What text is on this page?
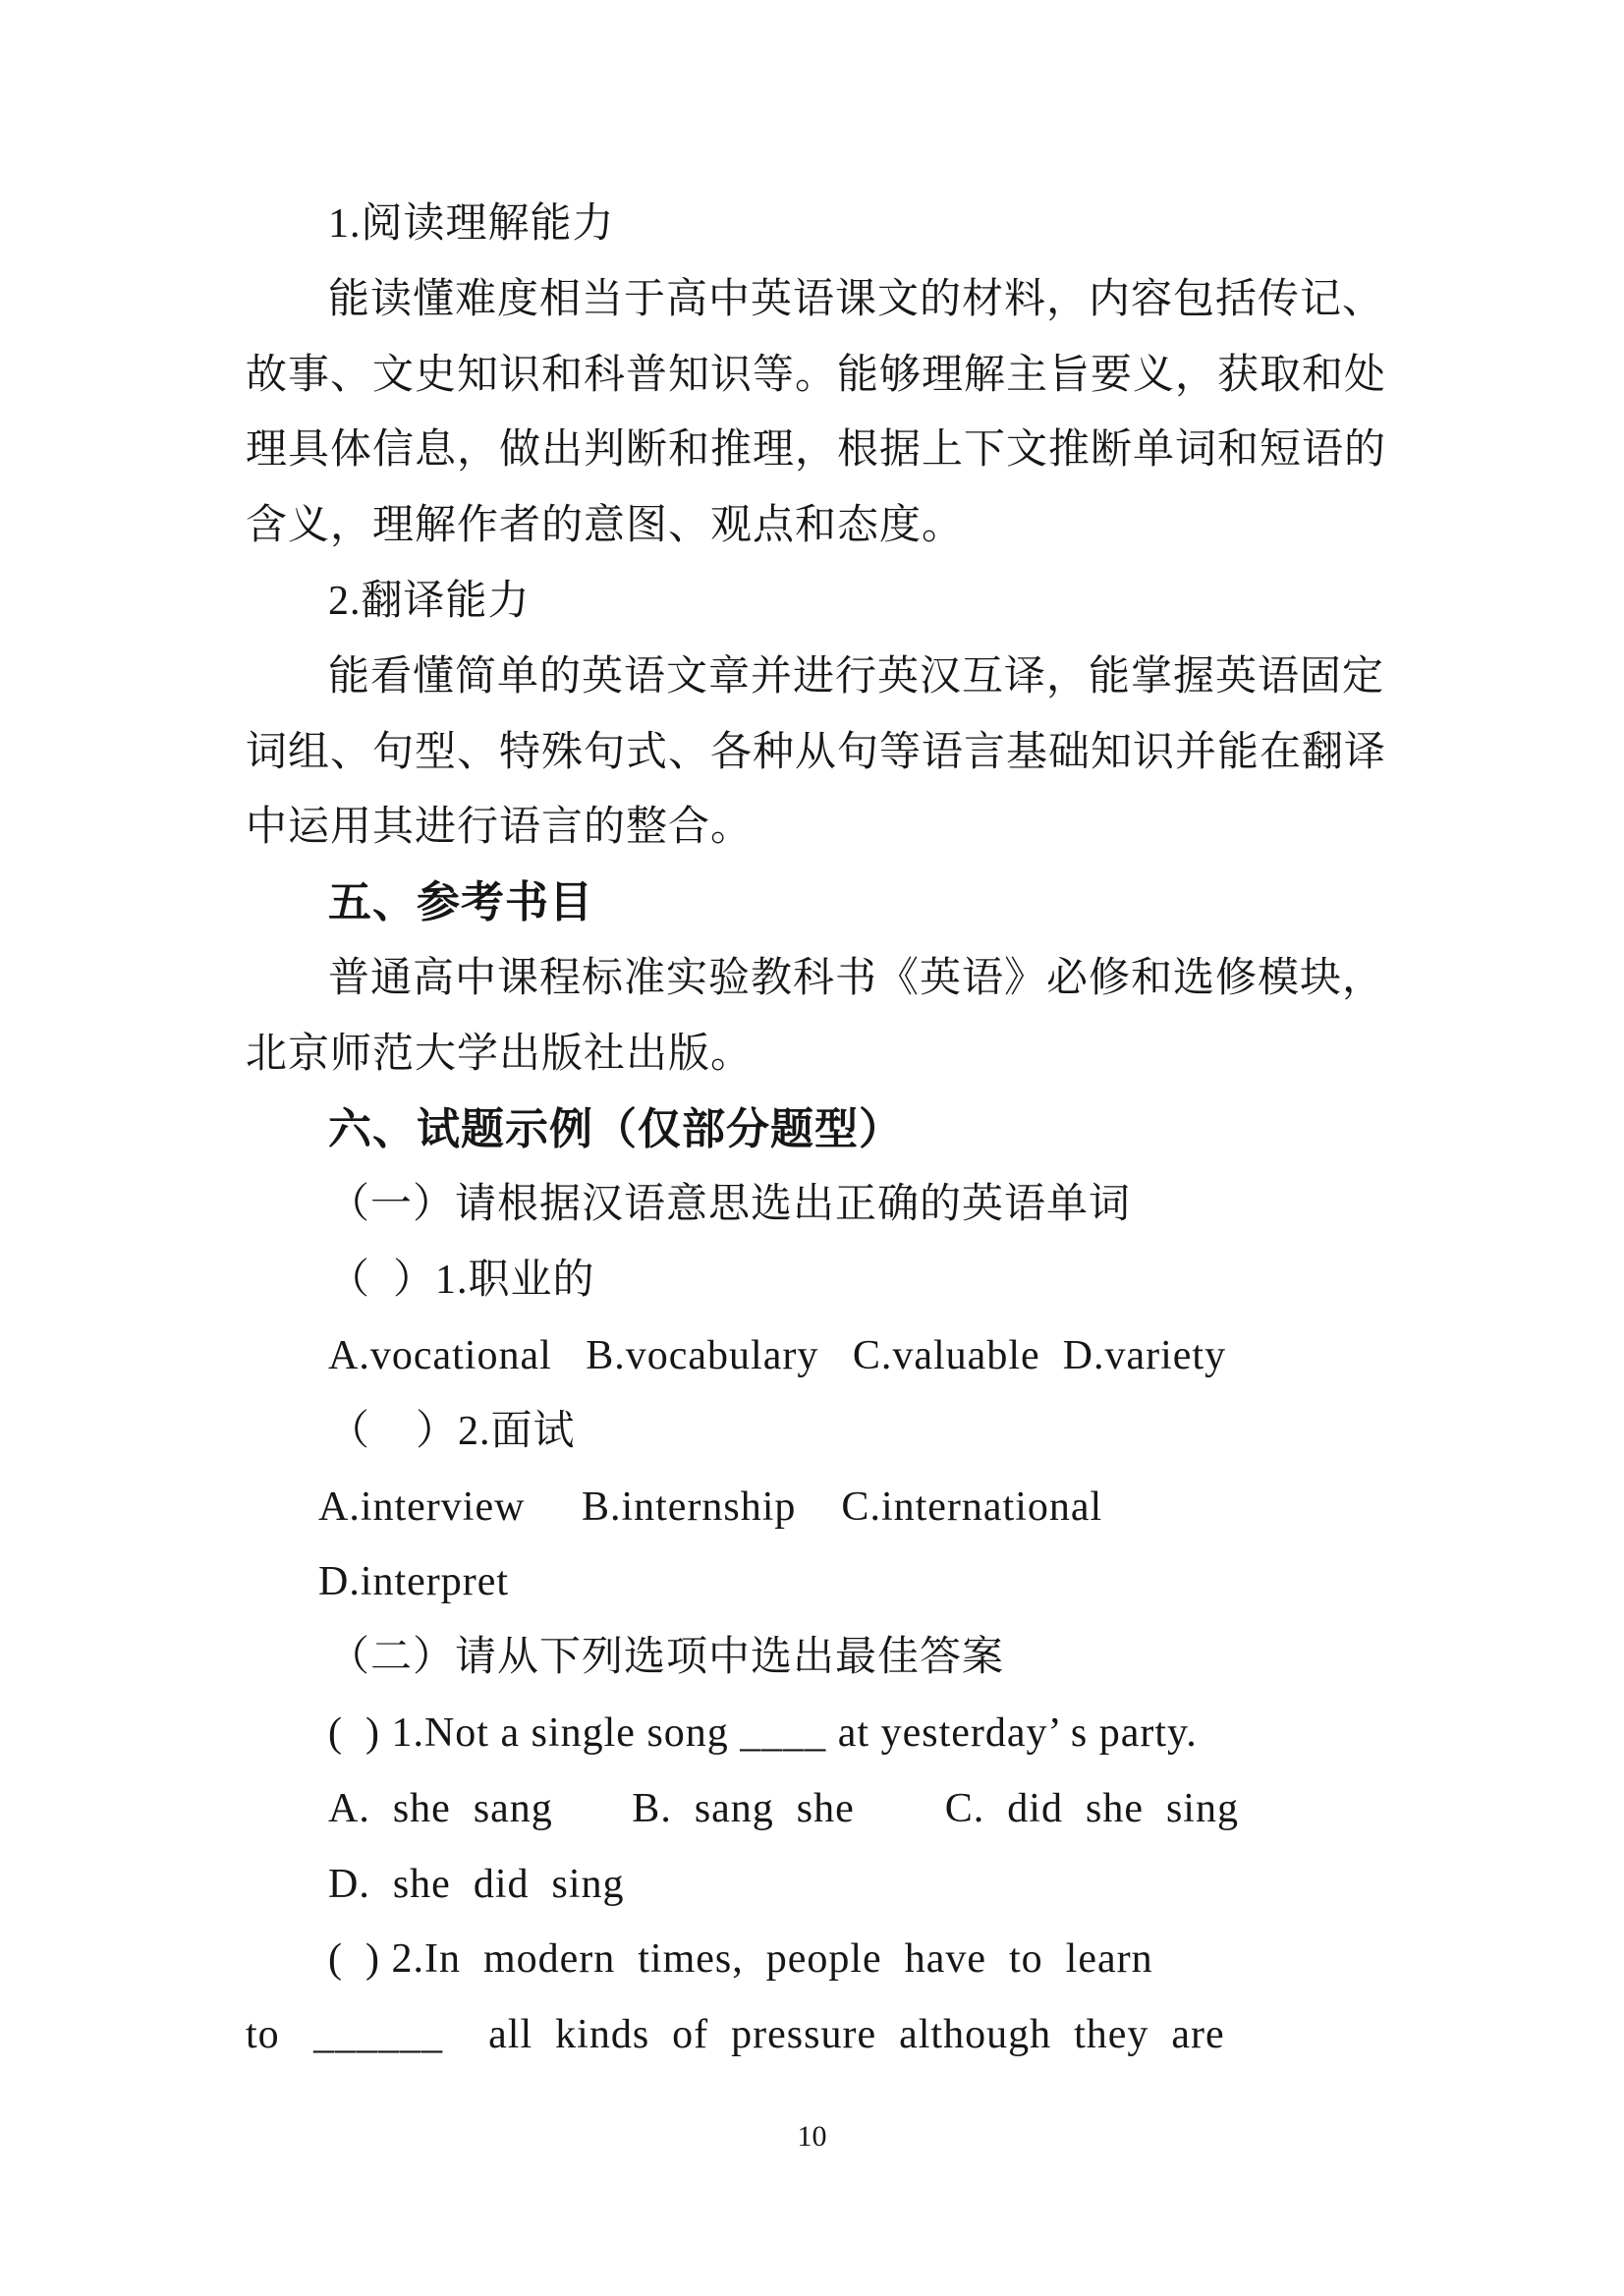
1.阅读理解能力
能读懂难度相当于高中英语课文的材料，内容包括传记、
故事、文史知识和科普知识等。能够理解主旨要义，获取和处
理具体信息，做出判断和推理，根据上下文推断单词和短语的
含义，理解作者的意图、观点和态度。
2.翻译能力
能看懂简单的英语文章并进行英汉互译，能掌握英语固定
词组、句型、特殊句式、各种从句等语言基础知识并能在翻译
中运用其进行语言的整合。
五、参考书目
普通高中课程标准实验教科书《英语》必修和选修模块，
北京师范大学出版社出版。
六、试题示例（仅部分题型）
（一）请根据汉语意思选出正确的英语单词
（  ）1.职业的
A.vocational   B.vocabulary   C.valuable  D.variety
（    ）2.面试
A.interview     B.internship    C.international
D.interpret
（二）请从下列选项中选出最佳答案
(  ) 1.Not a single song ____ at yesterday’ s party.
A.  she  sang       B.  sang  she        C.  did  she  sing
D.  she  did  sing
(  ) 2.In  modern  times,  people  have  to  learn
to   ______    all  kinds  of  pressure  although  they  are
10
